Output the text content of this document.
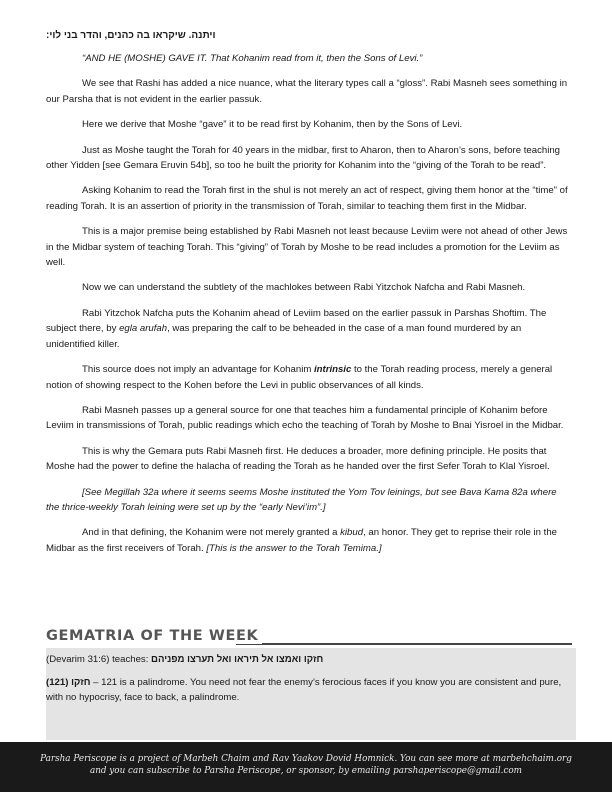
ויתנה. שיקראו בה כהנים, והדר בני לוי:

“AND HE (MOSHE) GAVE IT. That Kohanim read from it, then the Sons of Levi.”

We see that Rashi has added a nice nuance, what the literary types call a “gloss”. Rabi Masneh sees something in our Parsha that is not evident in the earlier passuk.

Here we derive that Moshe “gave” it to be read first by Kohanim, then by the Sons of Levi.

Just as Moshe taught the Torah for 40 years in the midbar, first to Aharon, then to Aharon’s sons, before teaching other Yidden [see Gemara Eruvin 54b], so too he built the priority for Kohanim into the “giving of the Torah to be read”.

Asking Kohanim to read the Torah first in the shul is not merely an act of respect, giving them honor at the “time” of reading Torah. It is an assertion of priority in the transmission of Torah, similar to teaching them first in the Midbar.

This is a major premise being established by Rabi Masneh not least because Leviim were not ahead of other Jews in the Midbar system of teaching Torah. This “giving” of Torah by Moshe to be read includes a promotion for the Leviim as well.

Now we can understand the subtlety of the machlokes between Rabi Yitzchok Nafcha and Rabi Masneh.

Rabi Yitzchok Nafcha puts the Kohanim ahead of Leviim based on the earlier passuk in Parshas Shoftim. The subject there, by egla arufah, was preparing the calf to be beheaded in the case of a man found murdered by an unidentified killer.

This source does not imply an advantage for Kohanim intrinsic to the Torah reading process, merely a general notion of showing respect to the Kohen before the Levi in public observances of all kinds.

Rabi Masneh passes up a general source for one that teaches him a fundamental principle of Kohanim before Leviim in transmissions of Torah, public readings which echo the teaching of Torah by Moshe to Bnai Yisroel in the Midbar.

This is why the Gemara puts Rabi Masneh first. He deduces a broader, more defining principle. He posits that Moshe had the power to define the halacha of reading the Torah as he handed over the first Sefer Torah to Klal Yisroel.

[See Megillah 32a where it seems seems Moshe instituted the Yom Tov leinings, but see Bava Kama 82a where the thrice-weekly Torah leining were set up by the “early Nevi’im”.]

And in that defining, the Kohanim were not merely granted a kibud, an honor. They get to reprise their role in the Midbar as the first receivers of Torah. [This is the answer to the Torah Temima.]

GEMATRIA OF THE WEEK
(Devarim 31:6) teaches: חזקו ואמצו אל תיראו ואל תערצו מפניהם
(121) חזקו – 121 is a palindrome. You need not fear the enemy’s ferocious faces if you know you are consistent and pure, with no hypocrisy, face to back, a palindrome.
Parsha Periscope is a project of Marbeh Chaim and Rav Yaakov Dovid Homnick. You can see more at marbehchaim.org
and you can subscribe to Parsha Periscope, or sponsor, by emailing parshaperiscope@gmail.com
